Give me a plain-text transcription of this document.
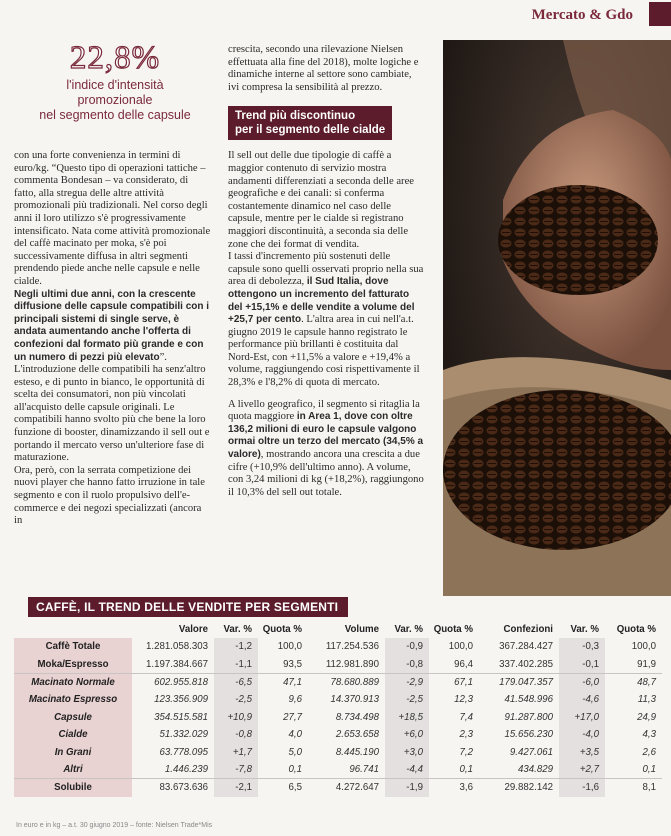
Mercato & Gdo
22,8%
l'indice d'intensità
promozionale
nel segmento delle capsule

con una forte convenienza in termini di euro/kg. “Questo tipo di operazioni tattiche – commenta Bondesan – va considerato, di fatto, alla stregua delle altre attività promozionali più tradizionali. Nel corso degli anni il loro utilizzo s'è progressivamente intensificato. Nata come attività promozionale del caffè macinato per moka, s'è poi successivamente diffusa in altri segmenti prendendo piede anche nelle capsule e nelle cialde.
Negli ultimi due anni, con la crescente diffusione delle capsule compatibili con i principali sistemi di single serve, è andata aumentando anche l'offerta di confezioni dal formato più grande e con un numero di pezzi più elevato”.

L'introduzione delle compatibili ha senz'altro esteso, e di punto in bianco, le opportunità di scelta dei consumatori, non più vincolati all'acquisto delle capsule originali. Le compatibili hanno svolto più che bene la loro funzione di booster, dinamizzando il sell out e portando il mercato verso un'ulteriore fase di maturazione.

Ora, però, con la serrata competizione dei nuovi player che hanno fatto irruzione in tale segmento e con il ruolo propulsivo dell'e-commerce e dei negozi specializzati (ancora in

crescita, secondo una rilevazione Nielsen effettuata alla fine del 2018), molte logiche e dinamiche interne al settore sono cambiate, ivi compresa la sensibilità al prezzo.

Trend più discontinuo
per il segmento delle cialde

Il sell out delle due tipologie di caffè a maggior contenuto di servizio mostra andamenti differenziati a seconda delle aree geografiche e dei canali: si conferma costantemente dinamico nel caso delle capsule, mentre per le cialde si registrano maggiori discontinuità, a seconda sia delle zone che dei format di vendita.

I tassi d'incremento più sostenuti delle capsule sono quelli osservati proprio nella sua area di debolezza, il Sud Italia, dove ottengono un incremento del fatturato del +15,1% e delle vendite a volume del +25,7 per cento. L'altra area in cui nell'a.t. giugno 2019 le capsule hanno registrato le performance più brillanti è costituita dal Nord-Est, con +11,5% a valore e +19,4% a volume, raggiungendo così rispettivamente il 28,3% e l'8,2% di quota di mercato.

A livello geografico, il segmento si ritaglia la quota maggiore in Area 1, dove con oltre 136,2 milioni di euro le capsule valgono ormai oltre un terzo del mercato (34,5% a valore), mostrando ancora una crescita a due cifre (+10,9% dell'ultimo anno). A volume, con 3,24 milioni di kg (+18,2%), raggiungono il 10,3% del sell out totale.

CAFFÈ, IL TREND DELLE VENDITE PER SEGMENTI
	Valore	Var. %	Quota %	Volume	Var. %	Quota %	Confezioni	Var. %	Quota %
Caffè Totale	1.281.058.303	-1,2	100,0	117.254.536	-0,9	100,0	367.284.427	-0,3	100,0
Moka/Espresso	1.197.384.667	-1,1	93,5	112.981.890	-0,8	96,4	337.402.285	-0,1	91,9
Macinato Normale	602.955.818	-6,5	47,1	78.680.889	-2,9	67,1	179.047.357	-6,0	48,7
Macinato Espresso	123.356.909	-2,5	9,6	14.370.913	-2,5	12,3	41.548.996	-4,6	11,3
Capsule	354.515.581	+10,9	27,7	8.734.498	+18,5	7,4	91.287.800	+17,0	24,9
Cialde	51.332.029	-0,8	4,0	2.653.658	+6,0	2,3	15.656.230	-4,0	4,3
In Grani	63.778.095	+1,7	5,0	8.445.190	+3,0	7,2	9.427.061	+3,5	2,6
Altri	1.446.239	-7,8	0,1	96.741	-4,4	0,1	434.829	+2,7	0,1
Solubile	83.673.636	-2,1	6,5	4.272.647	-1,9	3,6	29.882.142	-1,6	8,1
In euro e in kg – a.t. 30 giugno 2019 – fonte: Nielsen Trade*Mis
